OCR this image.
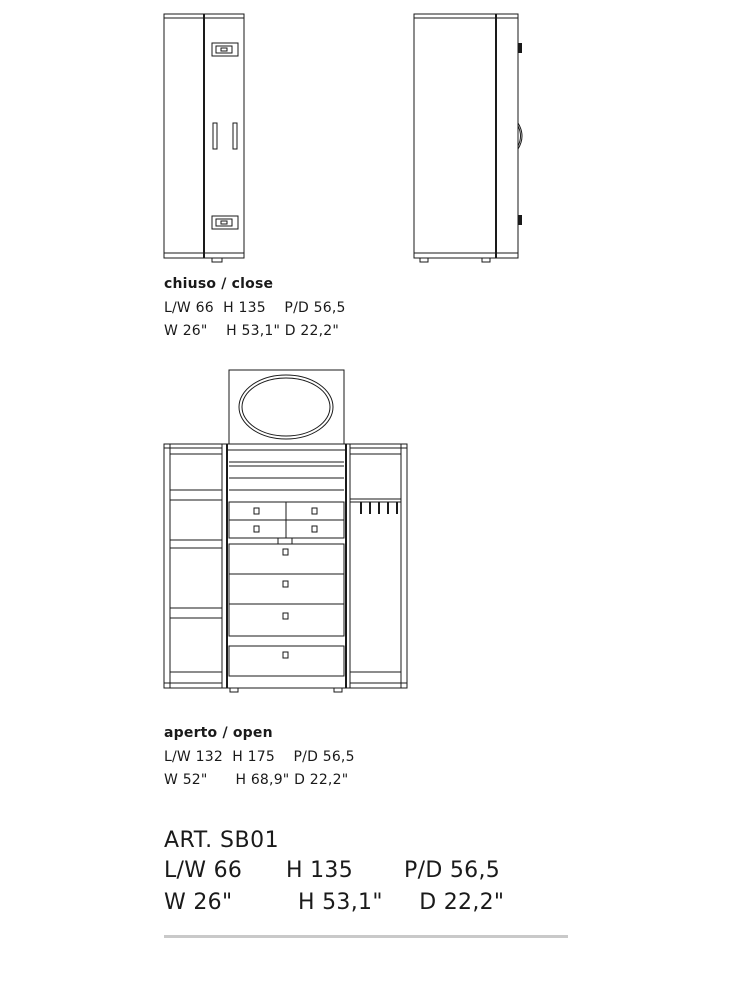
chiuso / close
L/W 66  H 135    P/D 56,5
W 26"    H 53,1" D 22,2"
aperto / open
L/W 132  H 175    P/D 56,5
W 52"      H 68,9" D 22,2"
ART. SB01
L/W 66      H 135       P/D 56,5
W 26"         H 53,1"     D 22,2"
